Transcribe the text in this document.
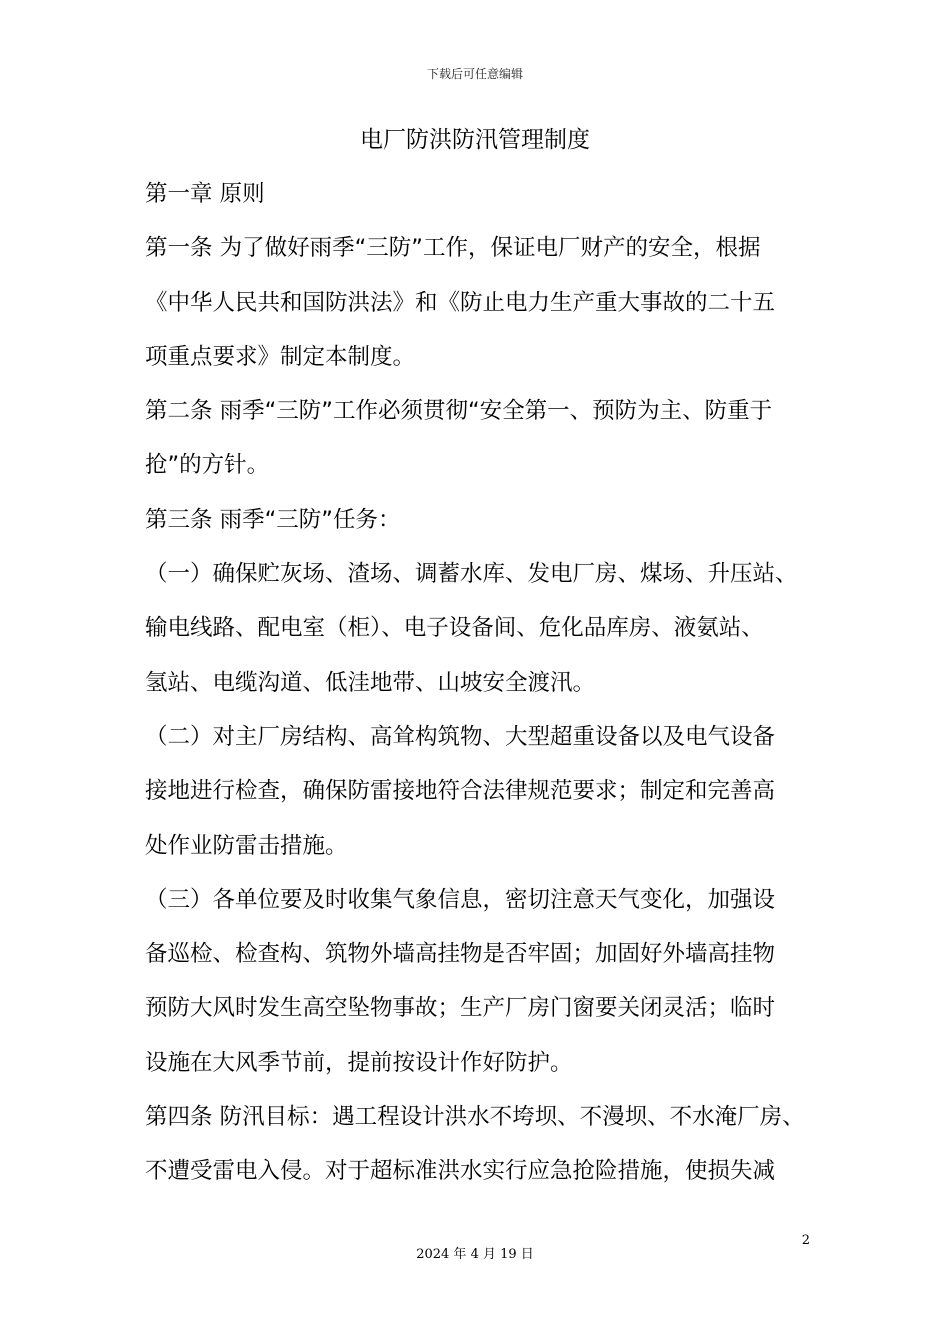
下载后可任意编辑
电厂防洪防汛管理制度
第一章 原则
第一条 为了做好雨季“三防”工作，保证电厂财产的安全，根据
《中华人民共和国防洪法》和《防止电力生产重大事故的二十五
项重点要求》制定本制度。
第二条 雨季“三防”工作必须贯彻“安全第一、预防为主、防重于
抢”的方针。
第三条 雨季“三防”任务：
（一）确保贮灰场、渣场、调蓄水库、发电厂房、煤场、升压站、
输电线路、配电室（柜）、电子设备间、危化品库房、液氨站、
氢站、电缆沟道、低洼地带、山坡安全渡汛。
（二）对主厂房结构、高耸构筑物、大型超重设备以及电气设备
接地进行检查，确保防雷接地符合法律规范要求；制定和完善高
处作业防雷击措施。
（三）各单位要及时收集气象信息，密切注意天气变化，加强设
备巡检、检查构、筑物外墙高挂物是否牢固；加固好外墙高挂物
预防大风时发生高空坠物事故；生产厂房门窗要关闭灵活；临时
设施在大风季节前，提前按设计作好防护。
第四条 防汛目标：遇工程设计洪水不垮坝、不漫坝、不水淹厂房、
不遭受雷电入侵。对于超标准洪水实行应急抢险措施，使损失减
2
2024 年 4 月 19 日
